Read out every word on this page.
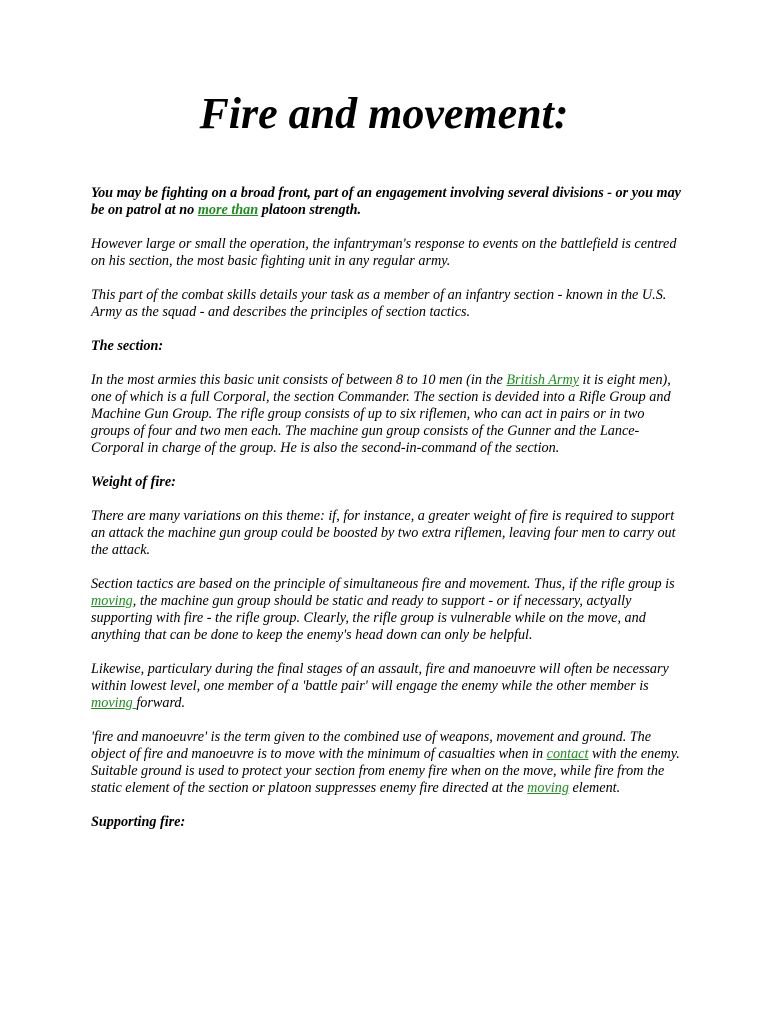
Fire and movement:

You may be fighting on a broad front, part of an engagement involving several divisions - or you may be on patrol at no more than platoon strength.

However large or small the operation, the infantryman's response to events on the battlefield is centred on his section, the most basic fighting unit in any regular army.

This part of the combat skills details your task as a member of an infantry section - known in the U.S. Army as the squad - and describes the principles of section tactics.

The section:

In the most armies this basic unit consists of between 8 to 10 men (in the British Army it is eight men), one of which is a full Corporal, the section Commander. The section is devided into a Rifle Group and Machine Gun Group. The rifle group consists of up to six riflemen, who can act in pairs or in two groups of four and two men each. The machine gun group consists of the Gunner and the Lance-Corporal in charge of the group. He is also the second-in-command of the section.

Weight of fire:

There are many variations on this theme: if, for instance, a greater weight of fire is required to support an attack the machine gun group could be boosted by two extra riflemen, leaving four men to carry out the attack.

Section tactics are based on the principle of simultaneous fire and movement. Thus, if the rifle group is moving, the machine gun group should be static and ready to support - or if necessary, actyally supporting with fire - the rifle group. Clearly, the rifle group is vulnerable while on the move, and anything that can be done to keep the enemy's head down can only be helpful.

Likewise, particulary during the final stages of an assault, fire and manoeuvre will often be necessary within lowest level, one member of a 'battle pair' will engage the enemy while the other member is moving forward.

'fire and manoeuvre' is the term given to the combined use of weapons, movement and ground. The object of fire and manoeuvre is to move with the minimum of casualties when in contact with the enemy. Suitable ground is used to protect your section from enemy fire when on the move, while fire from the static element of the section or platoon suppresses enemy fire directed at the moving element.

Supporting fire:
